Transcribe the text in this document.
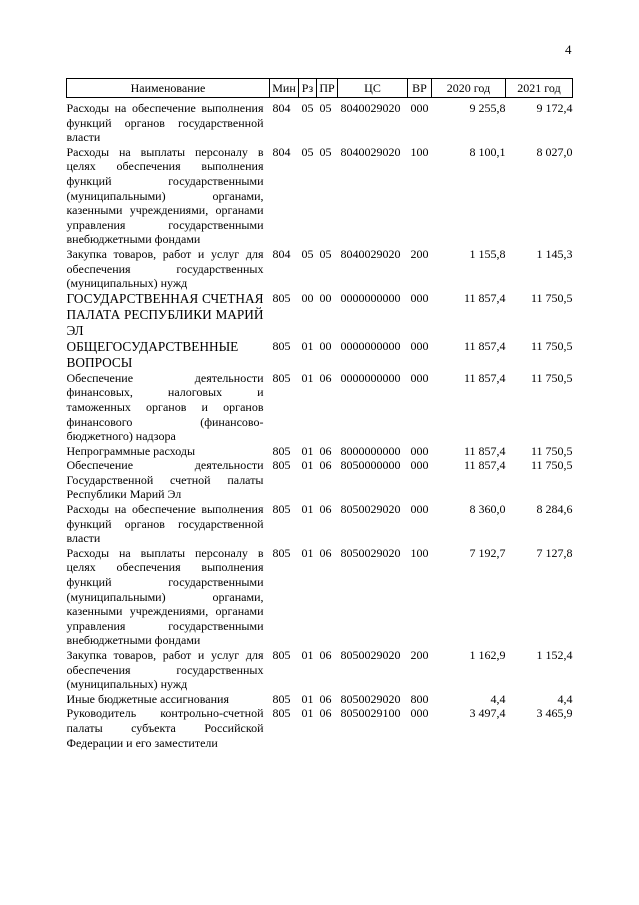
4
Наименование	Мин	Рз	ПР	ЦС	ВР	2020 год	2021 год
Расходы на обеспечение выполнения функций органов государственной власти	804	05	05	8040029020	000	9 255,8	9 172,4
Расходы на выплаты персоналу в целях обеспечения выполнения функций государственными (муниципальными) органами, казенными учреждениями, органами управления государственными внебюджетными фондами	804	05	05	8040029020	100	8 100,1	8 027,0
Закупка товаров, работ и услуг для обеспечения государственных (муниципальных) нужд	804	05	05	8040029020	200	1 155,8	1 145,3
ГОСУДАРСТВЕННАЯ СЧЕТНАЯ ПАЛАТА РЕСПУБЛИКИ МАРИЙ ЭЛ	805	00	00	0000000000	000	11 857,4	11 750,5
ОБЩЕГОСУДАРСТВЕННЫЕ ВОПРОСЫ	805	01	00	0000000000	000	11 857,4	11 750,5
Обеспечение деятельности финансовых, налоговых и таможенных органов и органов финансового (финансово-бюджетного) надзора	805	01	06	0000000000	000	11 857,4	11 750,5
Непрограммные расходы	805	01	06	8000000000	000	11 857,4	11 750,5
Обеспечение деятельности Государственной счетной палаты Республики Марий Эл	805	01	06	8050000000	000	11 857,4	11 750,5
Расходы на обеспечение выполнения функций органов государственной власти	805	01	06	8050029020	000	8 360,0	8 284,6
Расходы на выплаты персоналу в целях обеспечения выполнения функций государственными (муниципальными) органами, казенными учреждениями, органами управления государственными внебюджетными фондами	805	01	06	8050029020	100	7 192,7	7 127,8
Закупка товаров, работ и услуг для обеспечения государственных (муниципальных) нужд	805	01	06	8050029020	200	1 162,9	1 152,4
Иные бюджетные ассигнования	805	01	06	8050029020	800	4,4	4,4
Руководитель контрольно-счетной палаты субъекта Российской Федерации и его заместители	805	01	06	8050029100	000	3 497,4	3 465,9
